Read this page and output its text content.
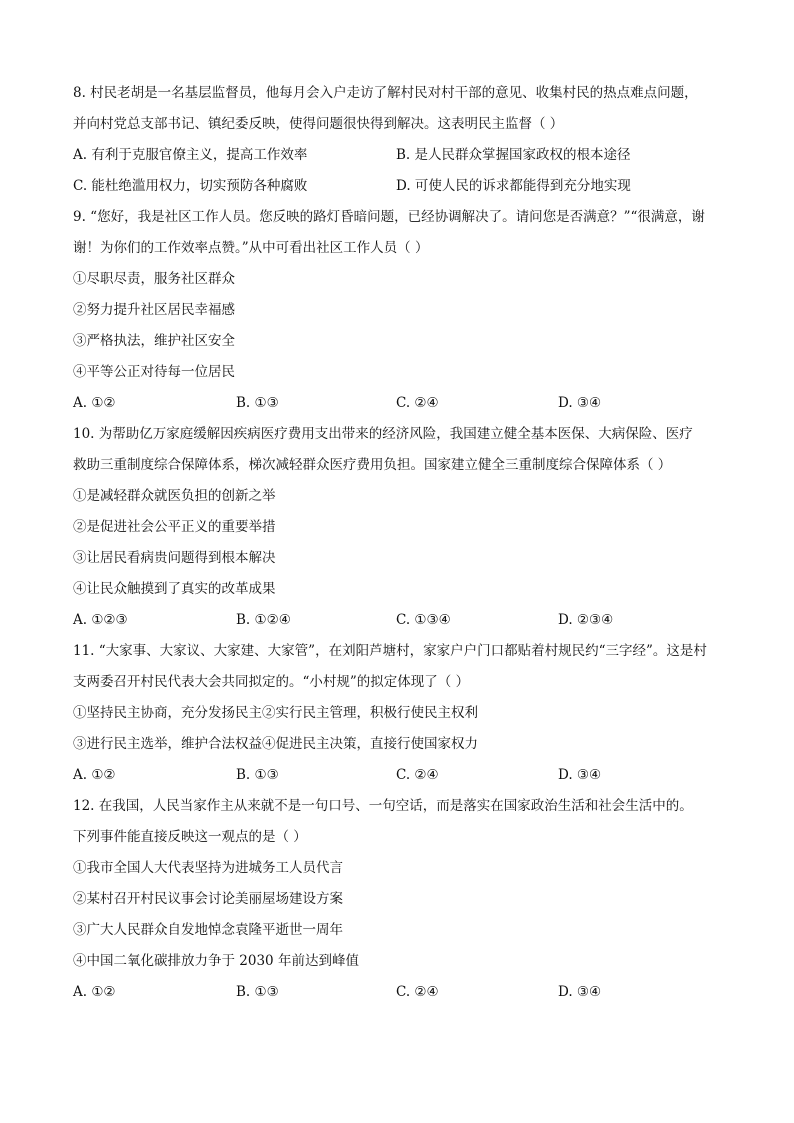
8. 村民老胡是一名基层监督员，他每月会入户走访了解村民对村干部的意见、收集村民的热点难点问题，
并向村党总支部书记、镇纪委反映，使得问题很快得到解决。这表明民主监督（ ）
A. 有利于克服官僚主义，提高工作效率	B. 是人民群众掌握国家政权的根本途径
C. 能杜绝滥用权力，切实预防各种腐败	D. 可使人民的诉求都能得到充分地实现
9. “您好，我是社区工作人员。您反映的路灯昏暗问题，已经协调解决了。请问您是否满意？”“很满意，谢
谢！为你们的工作效率点赞。”从中可看出社区工作人员（ ）
①尽职尽责，服务社区群众
②努力提升社区居民幸福感
③严格执法，维护社区安全
④平等公正对待每一位居民
A. ①②	B. ①③	C. ②④	D. ③④
10. 为帮助亿万家庭缓解因疾病医疗费用支出带来的经济风险，我国建立健全基本医保、大病保险、医疗
救助三重制度综合保障体系，梯次减轻群众医疗费用负担。国家建立健全三重制度综合保障体系（ ）
①是减轻群众就医负担的创新之举
②是促进社会公平正义的重要举措
③让居民看病贵问题得到根本解决
④让民众触摸到了真实的改革成果
A. ①②③	B. ①②④	C. ①③④	D. ②③④
11. “大家事、大家议、大家建、大家管”，在刘阳芦塘村，家家户户门口都贴着村规民约“三字经”。这是村
支两委召开村民代表大会共同拟定的。“小村规”的拟定体现了（ ）
①坚持民主协商，充分发扬民主②实行民主管理，积极行使民主权利
③进行民主选举，维护合法权益④促进民主决策，直接行使国家权力
A. ①②	B. ①③	C. ②④	D. ③④
12. 在我国，人民当家作主从来就不是一句口号、一句空话，而是落实在国家政治生活和社会生活中的。
下列事件能直接反映这一观点的是（ ）
①我市全国人大代表坚持为进城务工人员代言
②某村召开村民议事会讨论美丽屋场建设方案
③广大人民群众自发地悼念袁隆平逝世一周年
④中国二氧化碳排放力争于 2030 年前达到峰值
A. ①②	B. ①③	C. ②④	D. ③④
